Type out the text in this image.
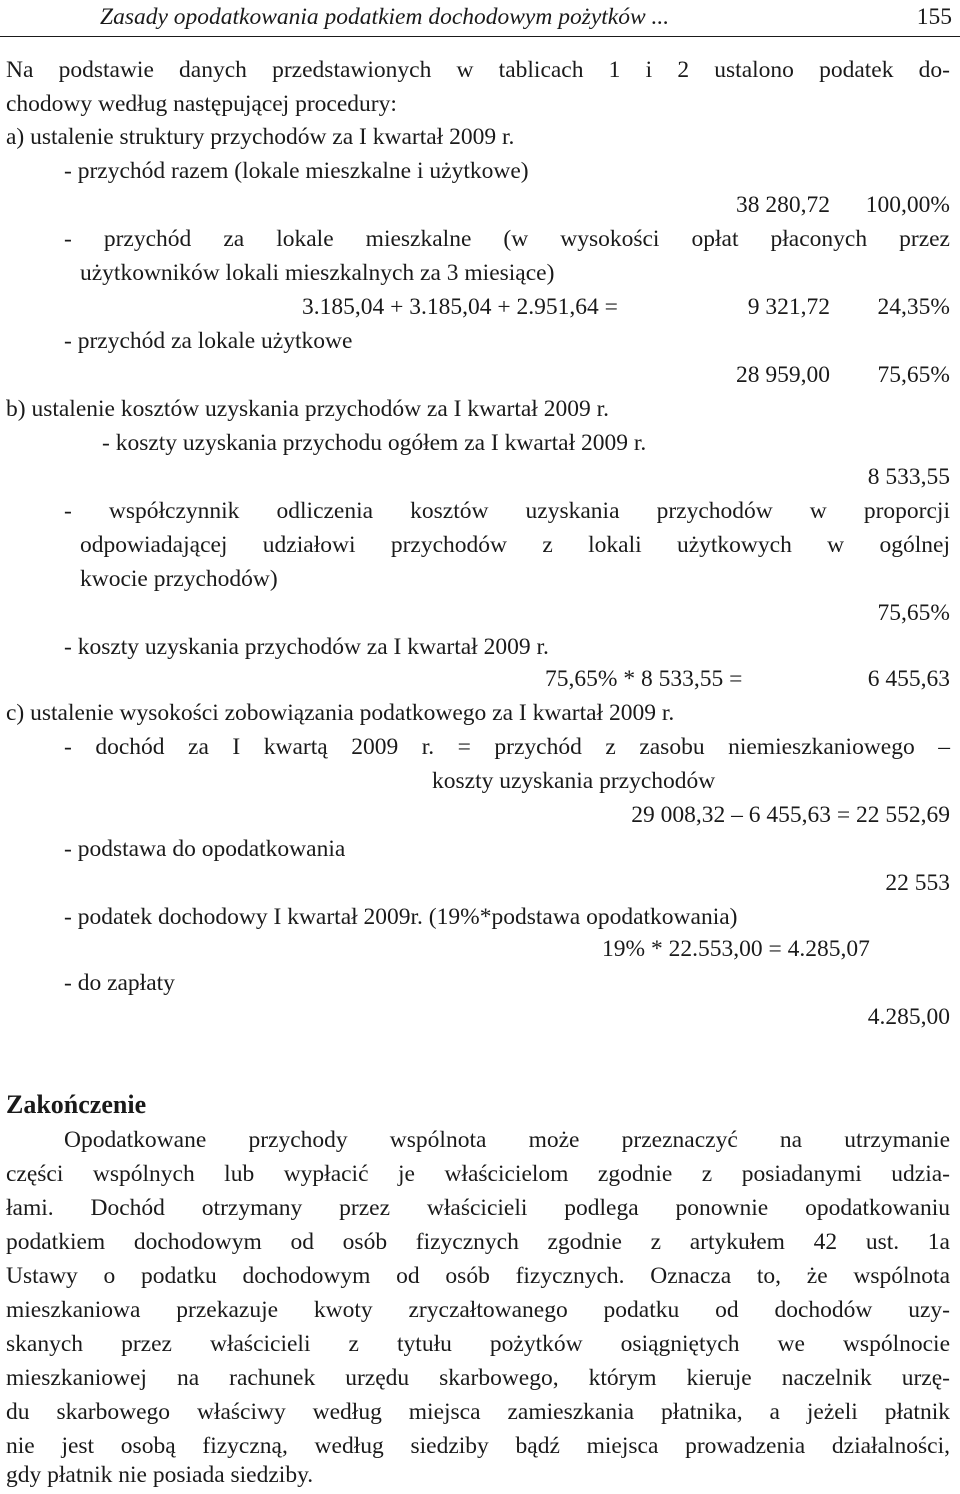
Zasady opodatkowania podatkiem dochodowym pożytków ...	155
Na podstawie danych przedstawionych w tablicach 1 i 2 ustalono podatek do-
chodowy według następującej procedury:
a) ustalenie struktury przychodów za I kwartał 2009 r.
- przychód razem (lokale mieszkalne i użytkowe)
38 280,72	100,00%
- przychód za lokale mieszkalne (w wysokości opłat płaconych przez
użytkowników lokali mieszkalnych za 3 miesiące)
3.185,04 + 3.185,04 + 2.951,64 =	9 321,72	24,35%
- przychód za lokale użytkowe
28 959,00	75,65%
b) ustalenie kosztów uzyskania przychodów za I kwartał 2009 r.
- koszty uzyskania przychodu ogółem za I kwartał 2009 r.
8 533,55
- współczynnik odliczenia kosztów uzyskania przychodów w proporcji
odpowiadającej udziałowi przychodów z lokali użytkowych w ogólnej
kwocie przychodów)
75,65%
- koszty uzyskania przychodów za I kwartał 2009 r.
75,65% * 8 533,55 =	6 455,63
c) ustalenie wysokości zobowiązania podatkowego za I kwartał 2009 r.
- dochód za I kwartą 2009 r. = przychód z zasobu niemieszkaniowego –
koszty uzyskania przychodów
29 008,32 – 6 455,63 = 22 552,69
- podstawa do opodatkowania
22 553
- podatek dochodowy I kwartał 2009r. (19%*podstawa opodatkowania)
19% * 22.553,00 = 4.285,07
- do zapłaty
4.285,00
Zakończenie
Opodatkowane przychody wspólnota może przeznaczyć na utrzymanie
części wspólnych lub wypłacić je właścicielom zgodnie z posiadanymi udzia-
łami. Dochód otrzymany przez właścicieli podlega ponownie opodatkowaniu
podatkiem dochodowym od osób fizycznych zgodnie z artykułem 42 ust. 1a
Ustawy o podatku dochodowym od osób fizycznych. Oznacza to, że wspólnota
mieszkaniowa przekazuje kwoty zryczałtowanego podatku od dochodów uzy-
skanych przez właścicieli z tytułu pożytków osiągniętych we wspólnocie
mieszkaniowej na rachunek urzędu skarbowego, którym kieruje naczelnik urzę-
du skarbowego właściwy według miejsca zamieszkania płatnika, a jeżeli płatnik
nie jest osobą fizyczną, według siedziby bądź miejsca prowadzenia działalności,
gdy płatnik nie posiada siedziby.
